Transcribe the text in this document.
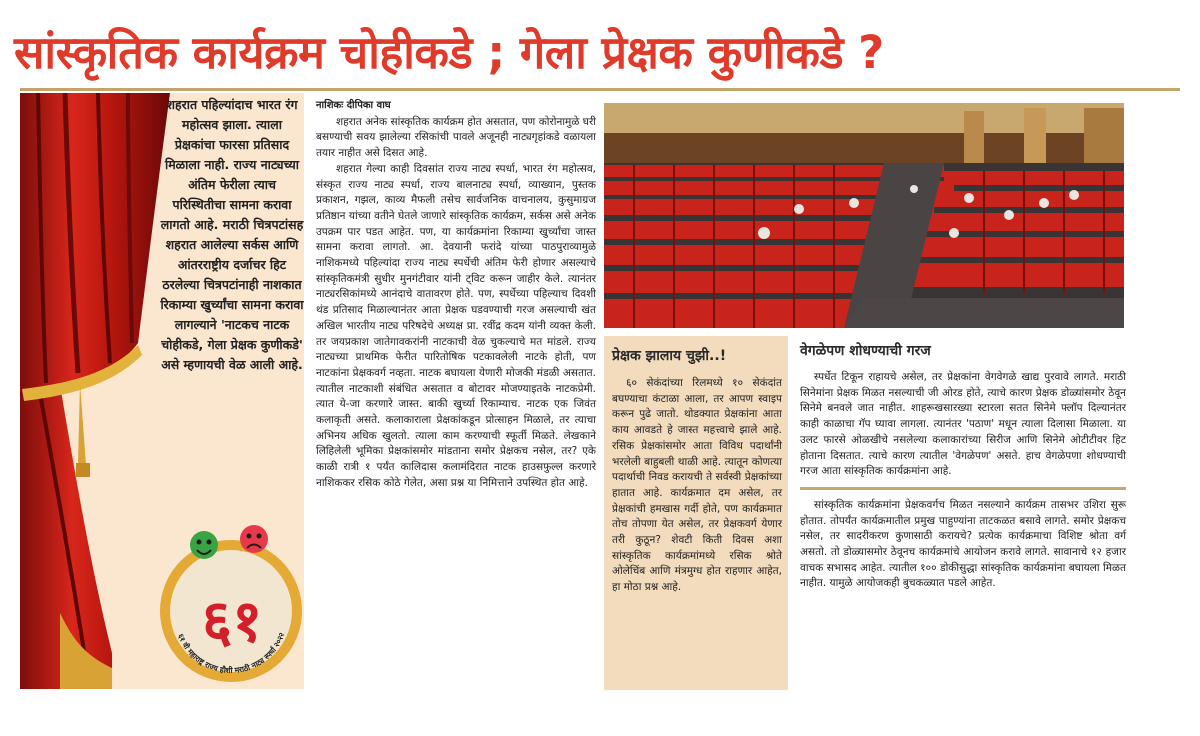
सांस्कृतिक कार्यक्रम चोहीकडे ; गेला प्रेक्षक कुणीकडे ?
शहरात पहिल्यांदाच भारत रंग महोत्सव झाला. त्याला प्रेक्षकांचा फारसा प्रतिसाद मिळाला नाही. राज्य नाट्यच्या अंतिम फेरीला त्याच परिस्थितीचा सामना करावा लागतो आहे. मराठी चित्रपटांसह शहरात आलेल्या सर्कस आणि आंतरराष्ट्रीय दर्जाचर हिट ठरलेल्या चित्रपटांनाही नाशकात रिकाम्या खुर्च्यांचा सामना करावा लागल्याने 'नाटकच नाटक चोहीकडे, गेला प्रेक्षक कुणीकडे' असे म्हणायची वेळ आली आहे.
६१
६१ वी महाराष्ट्र राज्य हौशी मराठी नाट्य स्पर्धा २०२२
नाशिकः दीपिका वाघ

शहरात अनेक सांस्कृतिक कार्यक्रम होत असतात, पण कोरोनामुळे घरी बसण्याची सवय झालेल्या रसिकांची पावले अजूनही नाट्यगृहांकडे वळायला तयार नाहीत असे दिसत आहे.

शहरात गेल्या काही दिवसांत राज्य नाट्य स्पर्धा, भारत रंग महोत्सव, संस्कृत राज्य नाट्य स्पर्धा, राज्य बालनाट्य स्पर्धा, व्याख्यान, पुस्तक प्रकाशन, गझल, काव्य मैफली तसेच सार्वजनिक वाचनालय, कुसुमाग्रज प्रतिष्ठान यांच्या वतीने घेतले जाणारे सांस्कृतिक कार्यक्रम, सर्कस असे अनेक उपक्रम पार पडत आहेत. पण, या कार्यक्रमांना रिकाम्या खुर्च्यांचा जास्त सामना करावा लागतो. आ. देवयानी फरांदे यांच्या पाठपुराव्यामुळे नाशिकमध्ये पहिल्यांदा राज्य नाट्य स्पर्धेची अंतिम फेरी होणार असल्याचे सांस्कृतिकमंत्री सुधीर मुनगंटीवार यांनी ट्विट करून जाहीर केले. त्यानंतर नाट्यरसिकांमध्ये आनंदाचे वातावरण होते. पण, स्पर्धेच्या पहिल्याच दिवशी थंड प्रतिसाद मिळाल्यानंतर आता प्रेक्षक घडवण्याची गरज असल्याची खंत अखिल भारतीय नाट्य परिषदेचे अध्यक्ष प्रा. रवींद्र कदम यांनी व्यक्त केली. तर जयप्रकाश जातेगावकरांनी नाटकाची वेळ चुकल्याचे मत मांडले. राज्य नाट्यच्या प्राथमिक फेरीत पारितोषिक पटकावलेली नाटके होती, पण नाटकांना प्रेक्षकवर्ग नव्हता. नाटक बघायला येणारी मोजकी मंडळी असतात. त्यातील नाटकाशी संबंधित असतात व बोटावर मोजण्याइतके नाटकप्रेमी. त्यात ये-जा करणारे जास्त. बाकी खुर्च्या रिकाम्याच. नाटक एक जिवंत कलाकृती असते. कलाकाराला प्रेक्षकांकडून प्रोत्साहन मिळाले, तर त्याचा अभिनय अधिक खुलतो. त्याला काम करण्याची स्फूर्ती मिळते. लेखकाने लिहिलेली भूमिका प्रेक्षकांसमोर मांडताना समोर प्रेक्षकच नसेल, तर? एके काळी रात्री १ पर्यंत कालिदास कलामंदिरात नाटक हाउसफुल्ल करणारे नाशिककर रसिक कोठे गेलेत, असा प्रश्न या निमित्ताने उपस्थित होत आहे.

प्रेक्षक झालाय चुझी..!

६० सेकंदांच्या रिलमध्ये १० सेकंदांत बघण्याचा कंटाळा आला, तर आपण स्वाइप करून पुढे जातो. थोडक्यात प्रेक्षकांना आता काय आवडते हे जास्त महत्त्वाचे झाले आहे. रसिक प्रेक्षकांसमोर आता विविध पदार्थांनी भरलेली बाहुबली थाळी आहे. त्यातून कोणत्या पदार्थाची निवड करायची ते सर्वस्वी प्रेक्षकांच्या हातात आहे. कार्यक्रमात दम असेल, तर प्रेक्षकांची हमखास गर्दी होते, पण कार्यक्रमात तोच तोपणा येत असेल, तर प्रेक्षकवर्ग येणार तरी कुठून? शेवटी किती दिवस अशा सांस्कृतिक कार्यक्रमांमध्ये रसिक श्रोते ओलेचिंब आणि मंत्रमुग्ध होत राहणार आहेत, हा मोठा प्रश्न आहे.

वेगळेपण शोधण्याची गरज

स्पर्धेत टिकून राहायचे असेल, तर प्रेक्षकांना वेगवेगळे खाद्य पुरवावे लागते. मराठी सिनेमांना प्रेक्षक मिळत नसल्याची जी ओरड होते, त्याचे कारण प्रेक्षक डोळ्यांसमोर ठेवून सिनेमे बनवले जात नाहीत. शाहरूखसारख्या स्टारला सतत सिनेमे फ्लॉप दिल्यानंतर काही काळाचा गॅप घ्यावा लागला. त्यानंतर 'पठाण' मधून त्याला दिलासा मिळाला. या उलट फारसे ओळखीचे नसलेल्या कलाकारांच्या सिरीज आणि सिनेमे ओटीटीवर हिट होताना दिसतात. त्याचे कारण त्यातील 'वेगळेपण' असते. हाच वेगळेपणा शोधण्याची गरज आता सांस्कृतिक कार्यक्रमांना आहे.

सांस्कृतिक कार्यक्रमांना प्रेक्षकवर्गच मिळत नसल्याने कार्यक्रम तासभर उशिरा सुरू होतात. तोपर्यंत कार्यक्रमातील प्रमुख पाहुण्यांना ताटकळत बसावे लागते. समोर प्रेक्षकच नसेल, तर सादरीकरण कुणासाठी करायचे? प्रत्येक कार्यक्रमाचा विशिष्ट श्रोता वर्ग असतो. तो डोळ्यासमोर ठेवूनच कार्यक्रमांचे आयोजन करावे लागते. सावानाचे १२ हजार वाचक सभासद आहेत. त्यातील १०० डोकीसुद्धा सांस्कृतिक कार्यक्रमांना बघायला मिळत नाहीत. यामुळे आयोजकही बुचकळ्यात पडले आहेत.
